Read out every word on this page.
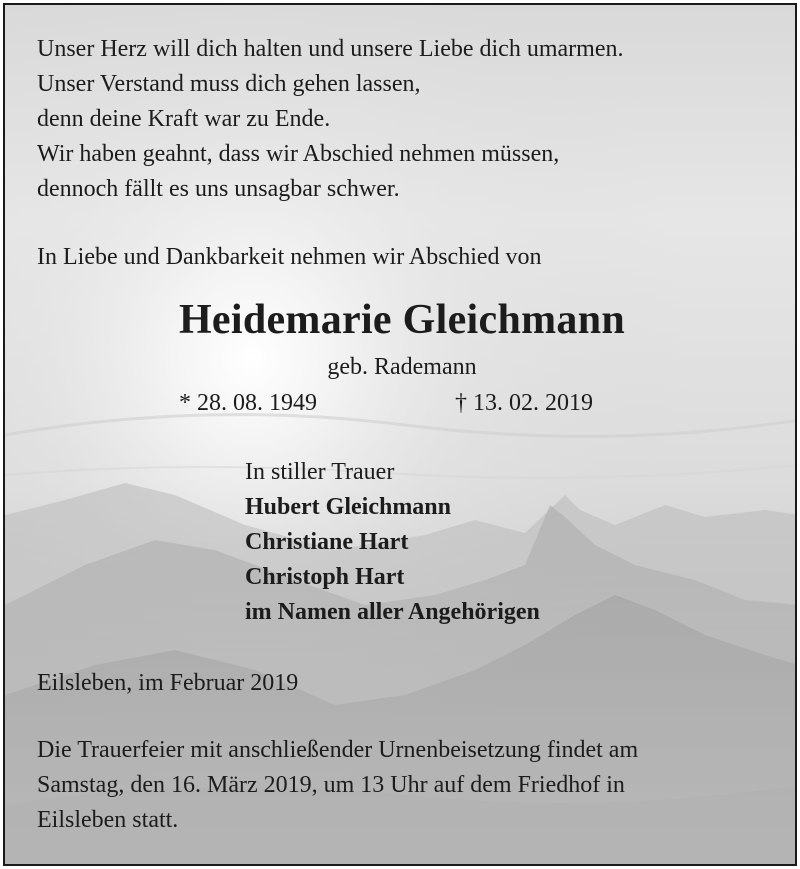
Unser Herz will dich halten und unsere Liebe dich umarmen.
Unser Verstand muss dich gehen lassen,
denn deine Kraft war zu Ende.
Wir haben geahnt, dass wir Abschied nehmen müssen,
dennoch fällt es uns unsagbar schwer.
In Liebe und Dankbarkeit nehmen wir Abschied von
Heidemarie Gleichmann
geb. Rademann
* 28. 08. 1949	† 13. 02. 2019
In stiller Trauer
Hubert Gleichmann
Christiane Hart
Christoph Hart
im Namen aller Angehörigen
Eilsleben, im Februar 2019
Die Trauerfeier mit anschließender Urnenbeisetzung findet am
Samstag, den 16. März 2019, um 13 Uhr auf dem Friedhof in
Eilsleben statt.
